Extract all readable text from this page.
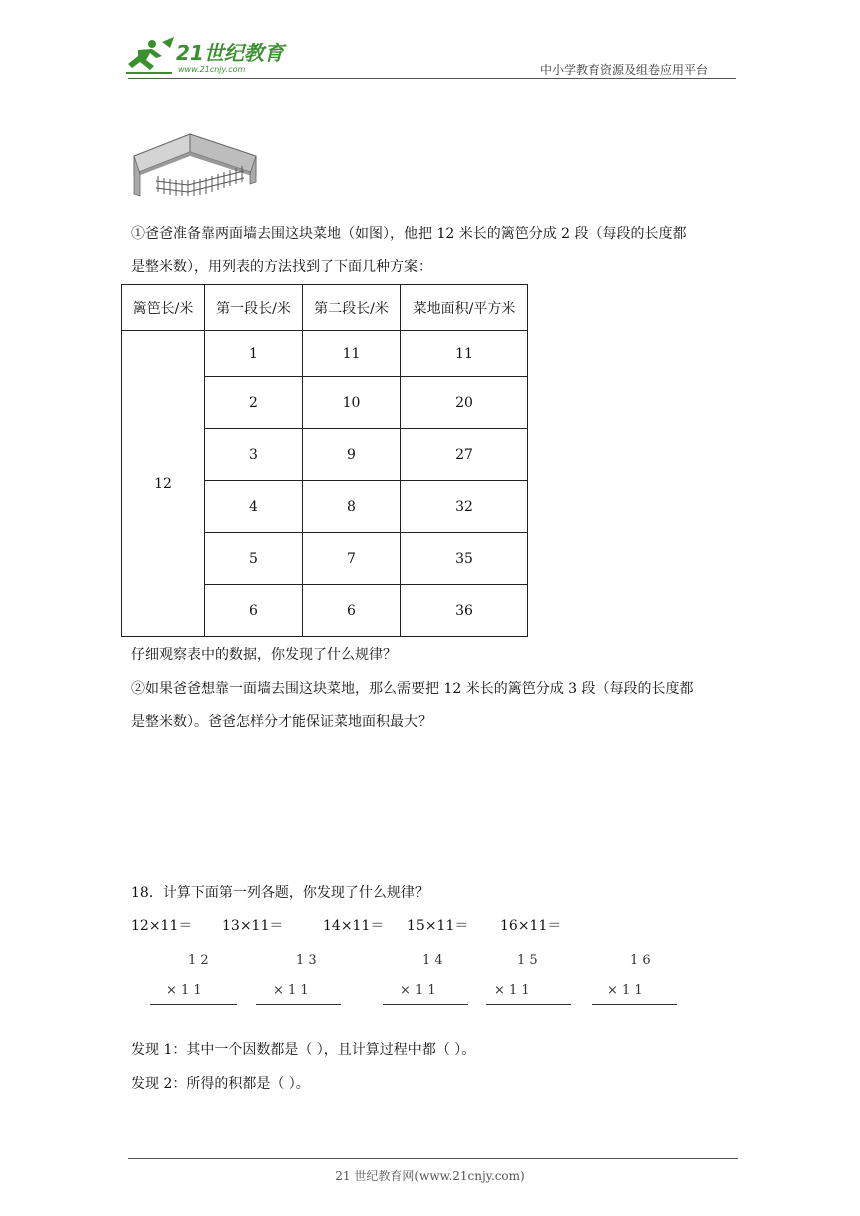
21世纪教育
www.21cnjy.com	中小学教育资源及组卷应用平台
①爸爸准备靠两面墙去围这块菜地（如图），他把 12 米长的篱笆分成 2 段（每段的长度都
是整米数），用列表的方法找到了下面几种方案：
篱笆长/米	第一段长/米	第二段长/米	菜地面积/平方米
12	1	11	11
	2	10	20
	3	9	27
	4	8	32
	5	7	35
	6	6	36
仔细观察表中的数据，你发现了什么规律？
②如果爸爸想靠一面墙去围这块菜地，那么需要把 12 米长的篱笆分成 3 段（每段的长度都
是整米数）。爸爸怎样分才能保证菜地面积最大？
18．计算下面第一列各题，你发现了什么规律？
12×11＝ 13×11＝	14×11＝ 15×11＝ 16×11＝
1 2
× 1 1
1 3
× 1 1
1 4
× 1 1
1 5
× 1 1
1 6
× 1 1
发现 1：其中一个因数都是（ ），且计算过程中都（ ）。
发现 2：所得的积都是（ ）。
21 世纪教育网(www.21cnjy.com)
